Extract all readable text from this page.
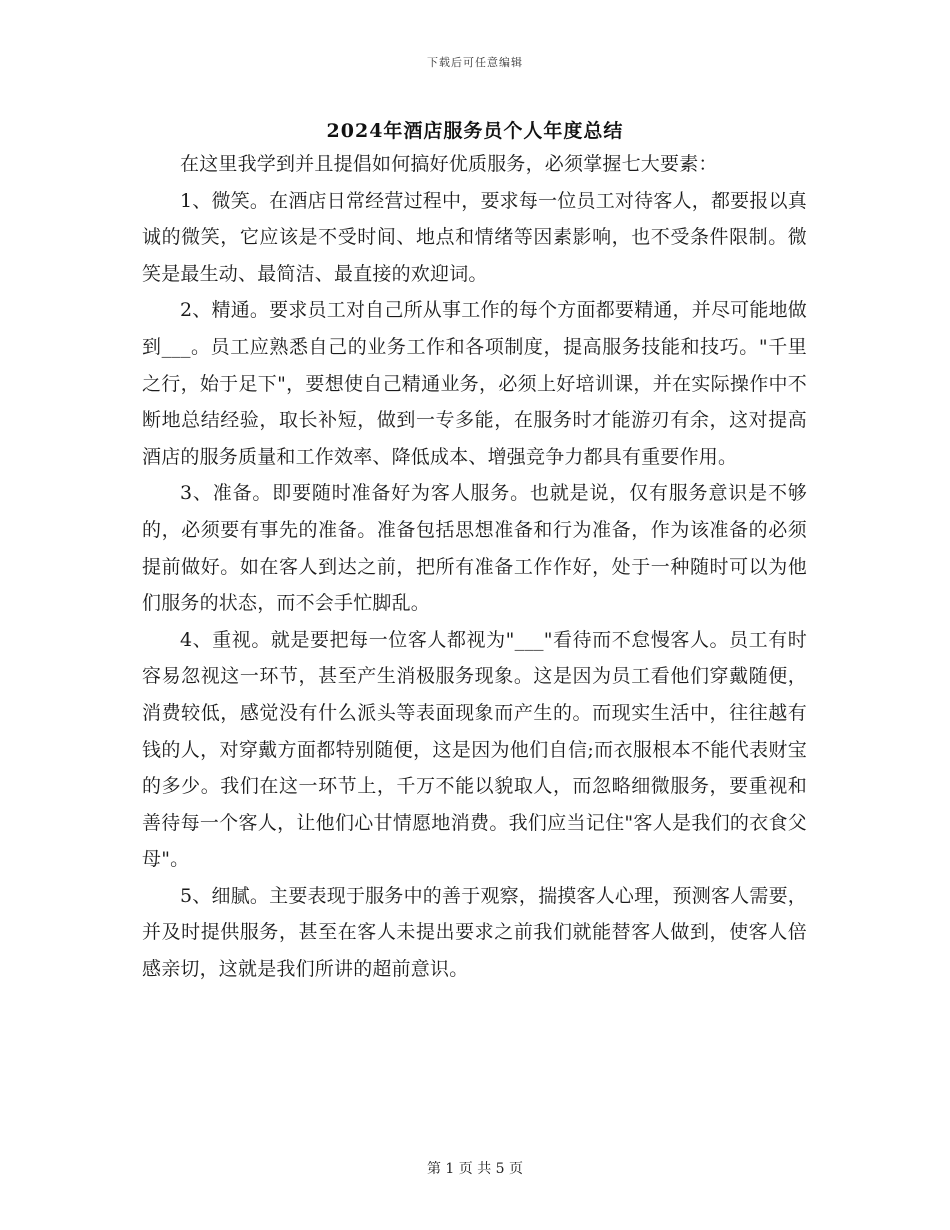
下载后可任意编辑
2024年酒店服务员个人年度总结

在这里我学到并且提倡如何搞好优质服务，必须掌握七大要素：

1、微笑。在酒店日常经营过程中，要求每一位员工对待客人，都要报以真诚的微笑，它应该是不受时间、地点和情绪等因素影响，也不受条件限制。微笑是最生动、最简洁、最直接的欢迎词。

2、精通。要求员工对自己所从事工作的每个方面都要精通，并尽可能地做到___。员工应熟悉自己的业务工作和各项制度，提高服务技能和技巧。"千里之行，始于足下"，要想使自己精通业务，必须上好培训课，并在实际操作中不断地总结经验，取长补短，做到一专多能，在服务时才能游刃有余，这对提高酒店的服务质量和工作效率、降低成本、增强竞争力都具有重要作用。

3、准备。即要随时准备好为客人服务。也就是说，仅有服务意识是不够的，必须要有事先的准备。准备包括思想准备和行为准备，作为该准备的必须提前做好。如在客人到达之前，把所有准备工作作好，处于一种随时可以为他们服务的状态，而不会手忙脚乱。

4、重视。就是要把每一位客人都视为"___"看待而不怠慢客人。员工有时容易忽视这一环节，甚至产生消极服务现象。这是因为员工看他们穿戴随便，消费较低，感觉没有什么派头等表面现象而产生的。而现实生活中，往往越有钱的人，对穿戴方面都特别随便，这是因为他们自信;而衣服根本不能代表财宝的多少。我们在这一环节上，千万不能以貌取人，而忽略细微服务，要重视和善待每一个客人，让他们心甘情愿地消费。我们应当记住"客人是我们的衣食父母"。

5、细腻。主要表现于服务中的善于观察，揣摸客人心理，预测客人需要，并及时提供服务，甚至在客人未提出要求之前我们就能替客人做到，使客人倍感亲切，这就是我们所讲的超前意识。

第 1 页 共 5 页
